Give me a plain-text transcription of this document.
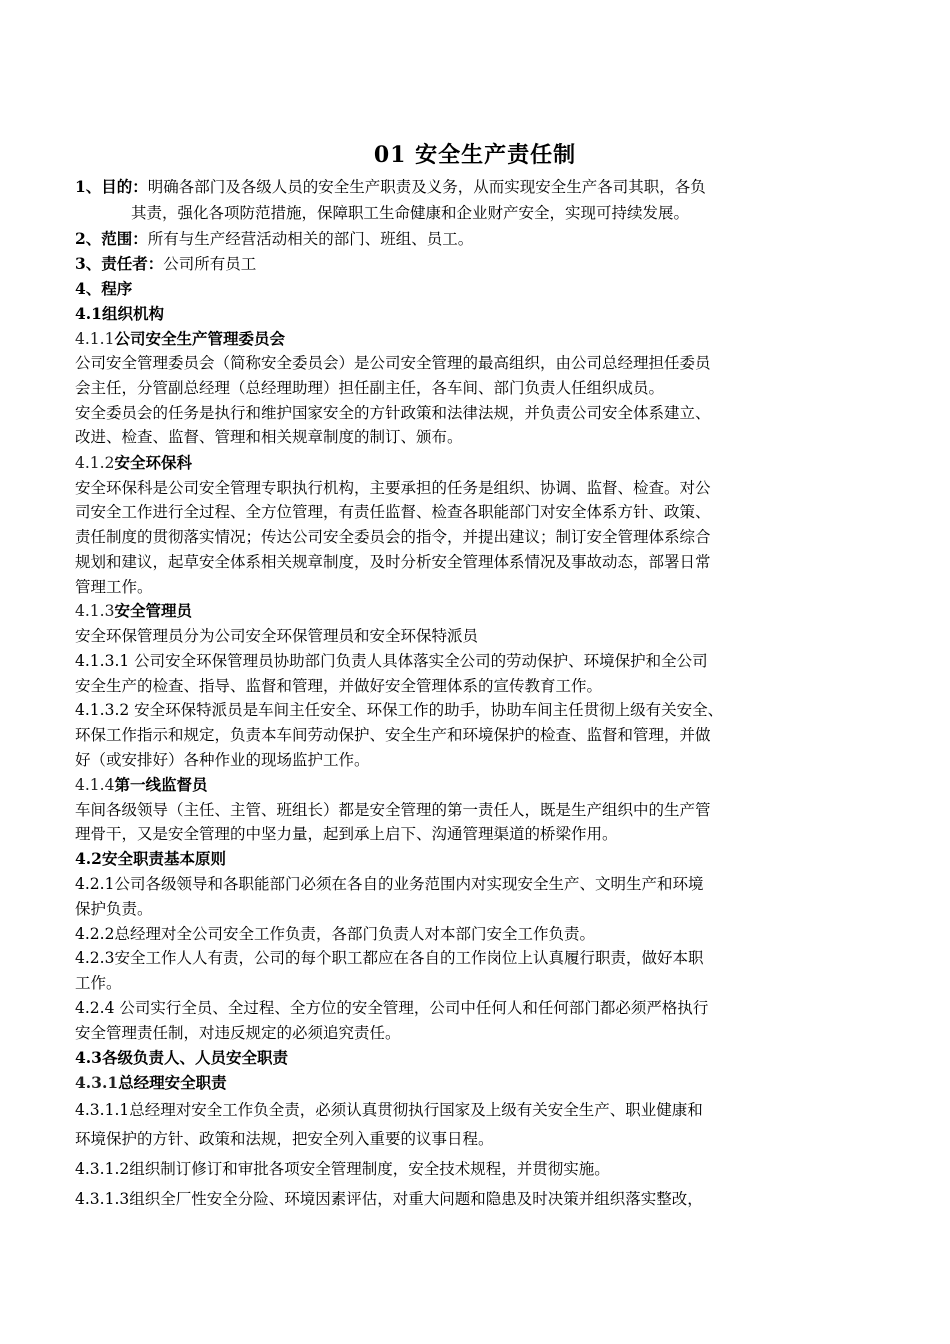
01 安全生产责任制
1、目的：明确各部门及各级人员的安全生产职责及义务，从而实现安全生产各司其职，各负
其责，强化各项防范措施，保障职工生命健康和企业财产安全，实现可持续发展。
2、范围：所有与生产经营活动相关的部门、班组、员工。
3、责任者：公司所有员工
4、程序
4.1组织机构
4.1.1公司安全生产管理委员会
公司安全管理委员会（简称安全委员会）是公司安全管理的最高组织，由公司总经理担任委员
会主任，分管副总经理（总经理助理）担任副主任，各车间、部门负责人任组织成员。
安全委员会的任务是执行和维护国家安全的方针政策和法律法规，并负责公司安全体系建立、
改进、检查、监督、管理和相关规章制度的制订、颁布。
4.1.2安全环保科
安全环保科是公司安全管理专职执行机构，主要承担的任务是组织、协调、监督、检查。对公
司安全工作进行全过程、全方位管理，有责任监督、检查各职能部门对安全体系方针、政策、
责任制度的贯彻落实情况；传达公司安全委员会的指令，并提出建议；制订安全管理体系综合
规划和建议，起草安全体系相关规章制度，及时分析安全管理体系情况及事故动态，部署日常
管理工作。
4.1.3安全管理员
安全环保管理员分为公司安全环保管理员和安全环保特派员
4.1.3.1 公司安全环保管理员协助部门负责人具体落实全公司的劳动保护、环境保护和全公司
安全生产的检查、指导、监督和管理，并做好安全管理体系的宣传教育工作。
4.1.3.2 安全环保特派员是车间主任安全、环保工作的助手，协助车间主任贯彻上级有关安全、
环保工作指示和规定，负责本车间劳动保护、安全生产和环境保护的检查、监督和管理，并做
好（或安排好）各种作业的现场监护工作。
4.1.4第一线监督员
车间各级领导（主任、主管、班组长）都是安全管理的第一责任人，既是生产组织中的生产管
理骨干，又是安全管理的中坚力量，起到承上启下、沟通管理渠道的桥梁作用。
4.2安全职责基本原则
4.2.1公司各级领导和各职能部门必须在各自的业务范围内对实现安全生产、文明生产和环境
保护负责。
4.2.2总经理对全公司安全工作负责，各部门负责人对本部门安全工作负责。
4.2.3安全工作人人有责，公司的每个职工都应在各自的工作岗位上认真履行职责，做好本职
工作。
4.2.4 公司实行全员、全过程、全方位的安全管理，公司中任何人和任何部门都必须严格执行
安全管理责任制，对违反规定的必须追究责任。
4.3各级负责人、人员安全职责
4.3.1总经理安全职责
4.3.1.1总经理对安全工作负全责，必须认真贯彻执行国家及上级有关安全生产、职业健康和
环境保护的方针、政策和法规，把安全列入重要的议事日程。
4.3.1.2组织制订修订和审批各项安全管理制度，安全技术规程，并贯彻实施。
4.3.1.3组织全厂性安全分险、环境因素评估，对重大问题和隐患及时决策并组织落实整改，
